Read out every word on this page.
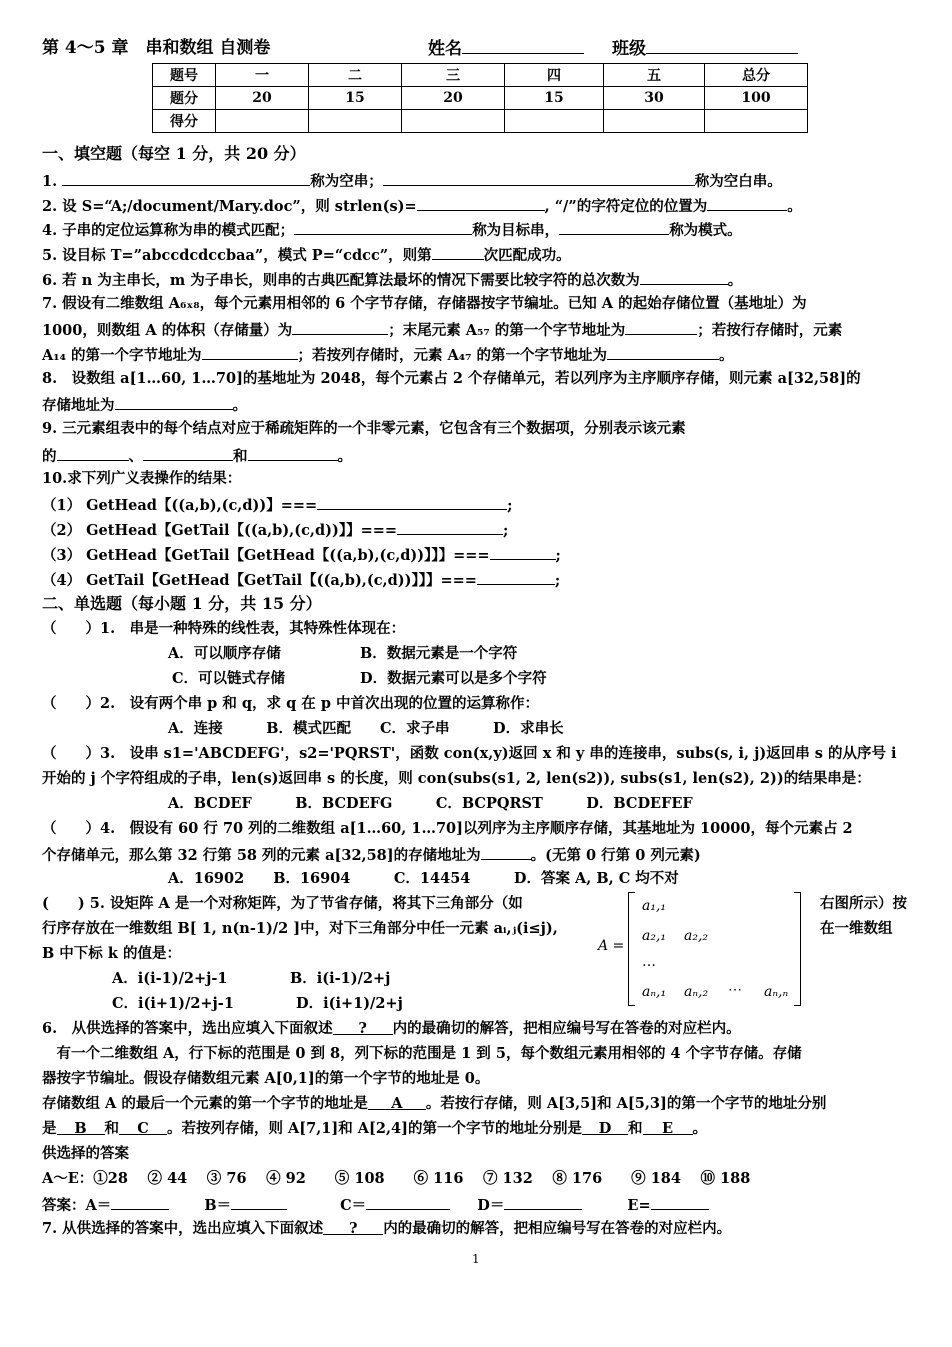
第 4～5 章　串和数组 自测卷	姓名	班级
题号	一	二	三	四	五	总分
题分	20	15	20	15	30	100
得分						
一、填空题（每空 1 分，共 20 分）
1.	称为空串；	称为空白串。
2. 设 S=“A;/document/Mary.doc”，则 strlen(s)=	, “/”的字符定位的位置为	。
4. 子串的定位运算称为串的模式匹配；	称为目标串，	称为模式。
5. 设目标 T=”abccdcdccbaa”，模式 P=“cdcc”，则第	次匹配成功。
6. 若 n 为主串长，m 为子串长，则串的古典匹配算法最坏的情况下需要比较字符的总次数为	。
7. 假设有二维数组 A₆ₓ₈，每个元素用相邻的 6 个字节存储，存储器按字节编址。已知 A 的起始存储位置（基地址）为
1000，则数组 A 的体积（存储量）为	；末尾元素 A₅₇ 的第一个字节地址为	；若按行存储时，元素
A₁₄ 的第一个字节地址为	；若按列存储时，元素 A₄₇ 的第一个字节地址为	。
8.　设数组 a[1…60, 1…70]的基地址为 2048，每个元素占 2 个存储单元，若以列序为主序顺序存储，则元素 a[32,58]的
存储地址为	。
9. 三元素组表中的每个结点对应于稀疏矩阵的一个非零元素，它包含有三个数据项，分别表示该元素
的	、	和	。
10.求下列广义表操作的结果：
（1） GetHead【((a,b),(c,d))】===	;
（2） GetHead【GetTail【((a,b),(c,d))】】===	;
（3） GetHead【GetTail【GetHead【((a,b),(c,d))】】】===	;
（4） GetTail【GetHead【GetTail【((a,b),(c,d))】】】===	;
二、单选题（每小题 1 分，共 15 分）
（　　）1.　串是一种特殊的线性表，其特殊性体现在：
A．可以顺序存储	B．数据元素是一个字符
C．可以链式存储	D．数据元素可以是多个字符
（　　）2.　设有两个串 p 和 q，求 q 在 p 中首次出现的位置的运算称作：
A．连接　　　B．模式匹配　　C．求子串　　　D．求串长
（　　）3.　设串 s1='ABCDEFG'，s2='PQRST'，函数 con(x,y)返回 x 和 y 串的连接串，subs(s, i, j)返回串 s 的从序号 i
开始的 j 个字符组成的子串，len(s)返回串 s 的长度，则 con(subs(s1, 2, len(s2)), subs(s1, len(s2), 2))的结果串是：
A．BCDEF　　　B．BCDEFG　　　C．BCPQRST　　　D．BCDEFEF
（　　）4.　假设有 60 行 70 列的二维数组 a[1…60, 1…70]以列序为主序顺序存储，其基地址为 10000，每个元素占 2
个存储单元，那么第 32 行第 58 列的元素 a[32,58]的存储地址为	。(无第 0 行第 0 列元素)
A．16902　　B．16904　　　C．14454　　　D．答案 A, B, C 均不对
(　　) 5. 设矩阵 A 是一个对称矩阵，为了节省存储，将其下三角部分（如	右图所示）按
行序存放在一维数组 B[ 1, n(n-1)/2 ]中，对下三角部分中任一元素 aᵢ,ⱼ(i≤j),	在一维数组
B 中下标 k 的值是：
A．i(i-1)/2+j-1	B．i(i-1)/2+j
C．i(i+1)/2+j-1	D．i(i+1)/2+j
A =
a₁,₁
a₂,₁ a₂,₂
…
aₙ,₁ aₙ,₂ ⋯ aₙ,ₙ
6.　从供选择的答案中，选出应填入下面叙述 ? 内的最确切的解答，把相应编号写在答卷的对应栏内。
　有一个二维数组 A，行下标的范围是 0 到 8，列下标的范围是 1 到 5，每个数组元素用相邻的 4 个字节存储。存储
器按字节编址。假设存储数组元素 A[0,1]的第一个字节的地址是 0。
存储数组 A 的最后一个元素的第一个字节的地址是 A 。若按行存储，则 A[3,5]和 A[5,3]的第一个字节的地址分别
是 B 和 C 。若按列存储，则 A[7,1]和 A[2,4]的第一个字节的地址分别是 D 和 E 。
供选择的答案
A～E：①28　 ② 44　 ③ 76　 ④ 92　　⑤ 108　　⑥ 116　 ⑦ 132　 ⑧ 176　　⑨ 184　 ⑩ 188
答案：A＝	B＝	C＝	D＝	E=
7. 从供选择的答案中，选出应填入下面叙述 ? 内的最确切的解答，把相应编号写在答卷的对应栏内。
1
